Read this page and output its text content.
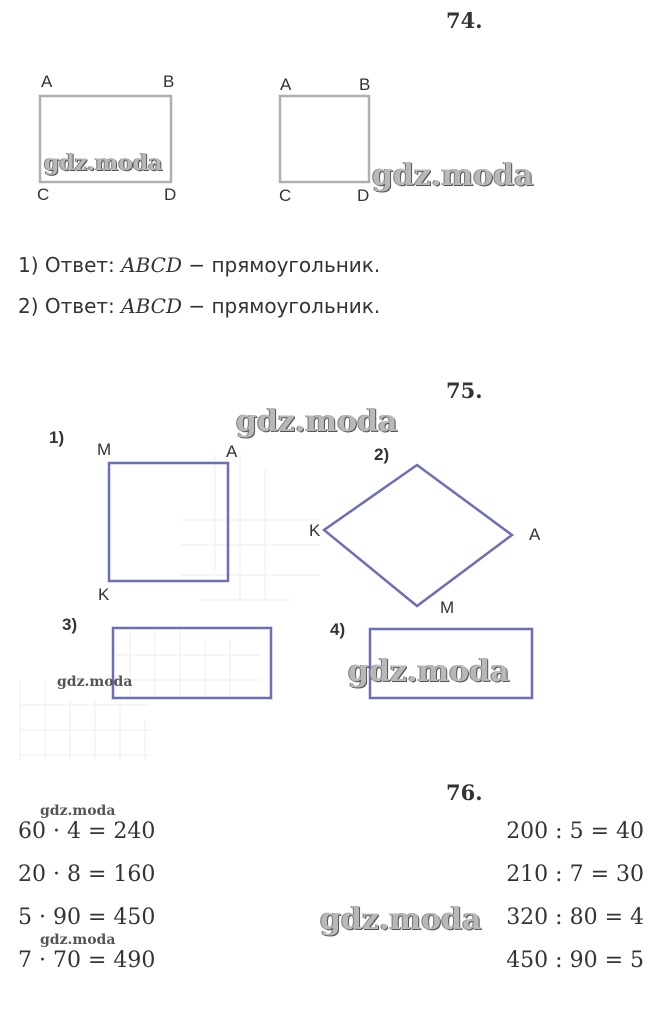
74.
A	B
C	D
A	B
C	D
1) Ответ: ABCD − прямоугольник.
2) Ответ: ABCD − прямоугольник.
75.
1)
M	A
K
2)
K	A
M
3)	4)
76.
60 · 4 = 240
20 · 8 = 160
5 · 90 = 450
7 · 70 = 490
200 : 5 = 40
210 : 7 = 30
320 : 80 = 4
450 : 90 = 5
gdz.moda	gdz.moda
gdz.moda
gdz.moda
gdz.moda
gdz.moda
gdz.moda
gdz.moda
